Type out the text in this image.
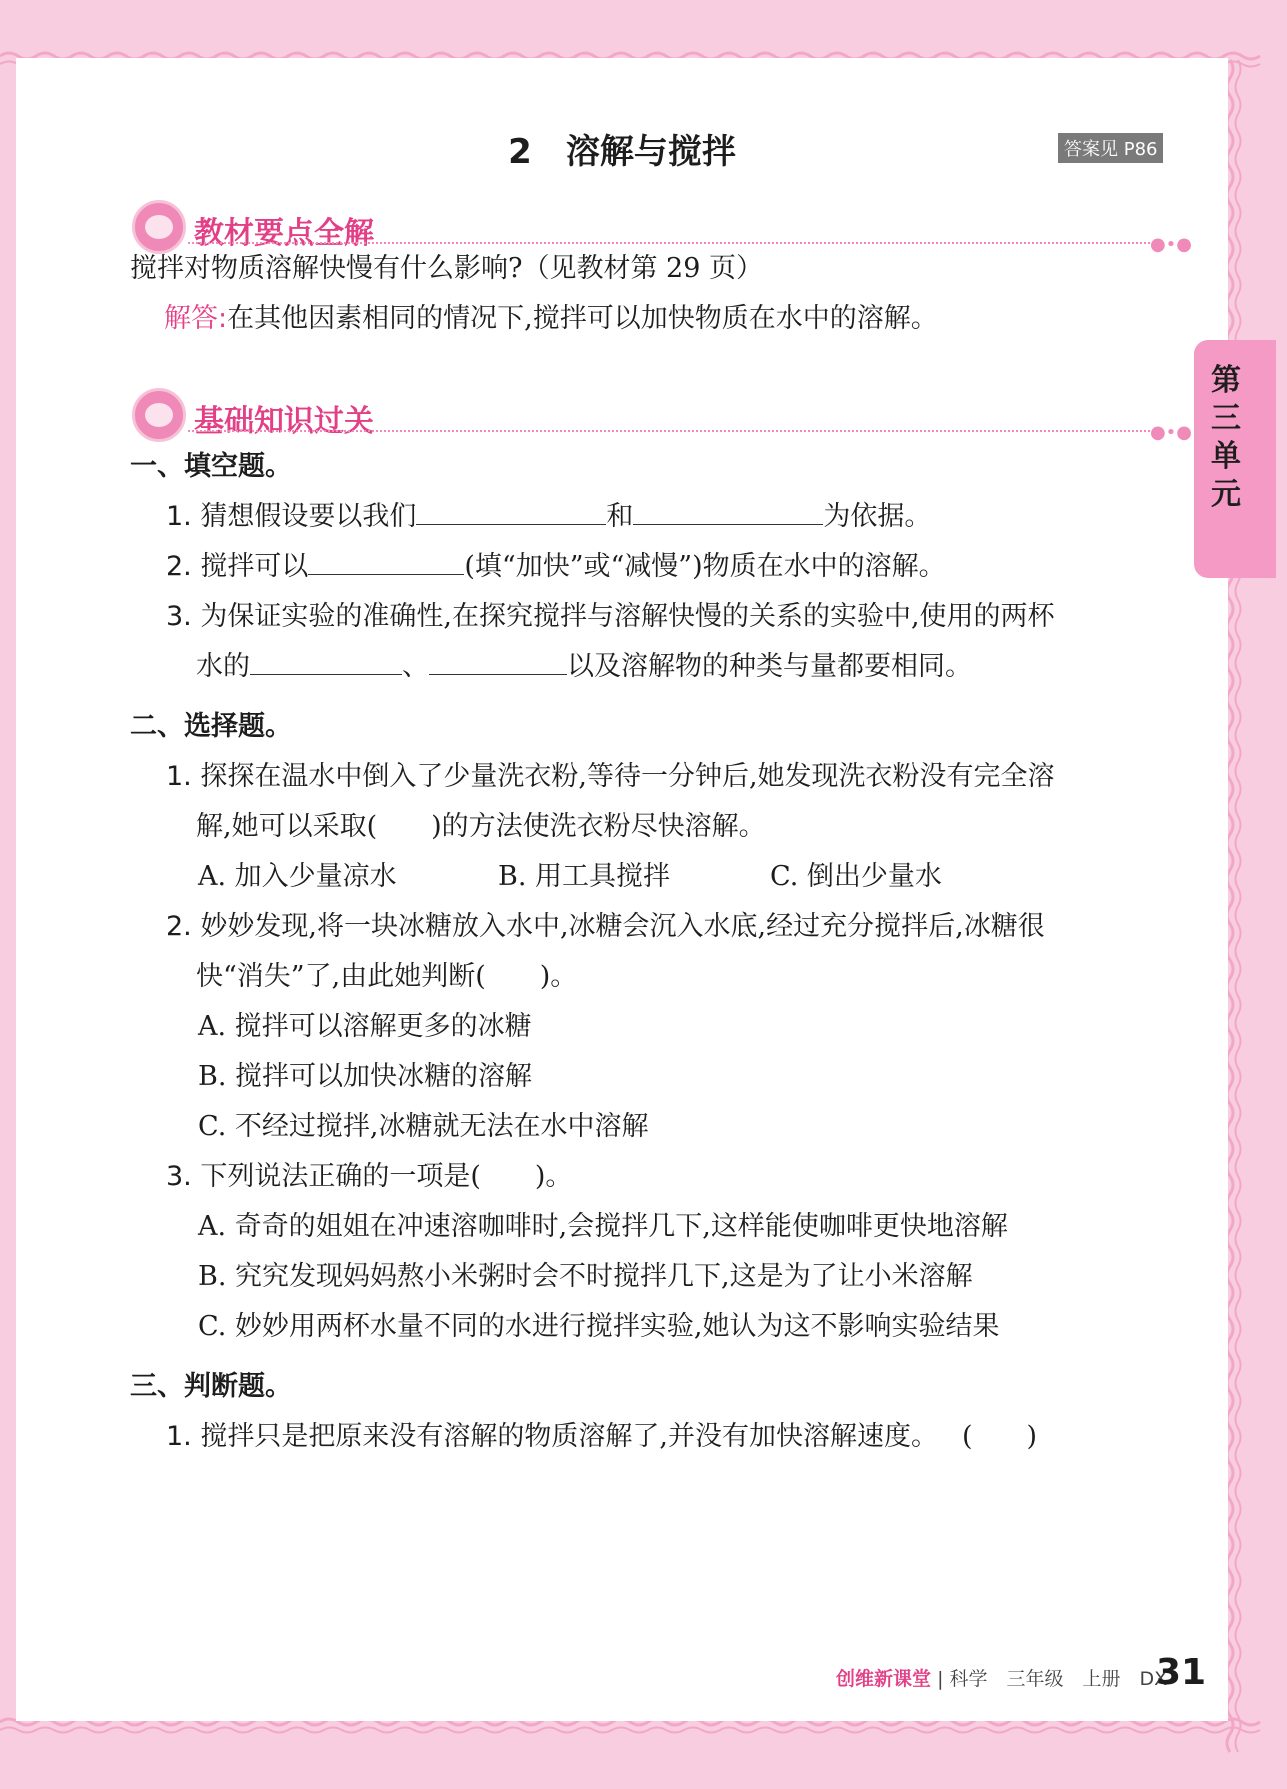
2　溶解与搅拌	答案见 P86
教材要点全解	●•●
搅拌对物质溶解快慢有什么影响?（见教材第 29 页）
解答:在其他因素相同的情况下,搅拌可以加快物质在水中的溶解。
基础知识过关	●•●
一、填空题。
1. 猜想假设要以我们	和	为依据。
2. 搅拌可以	(填“加快”或“减慢”)物质在水中的溶解。
3. 为保证实验的准确性,在探究搅拌与溶解快慢的关系的实验中,使用的两杯
水的	、	以及溶解物的种类与量都要相同。
二、选择题。
1. 探探在温水中倒入了少量洗衣粉,等待一分钟后,她发现洗衣粉没有完全溶
解,她可以采取(　　)的方法使洗衣粉尽快溶解。
A. 加入少量凉水	B. 用工具搅拌	C. 倒出少量水
2. 妙妙发现,将一块冰糖放入水中,冰糖会沉入水底,经过充分搅拌后,冰糖很
快“消失”了,由此她判断(　　)。
A. 搅拌可以溶解更多的冰糖
B. 搅拌可以加快冰糖的溶解
C. 不经过搅拌,冰糖就无法在水中溶解
3. 下列说法正确的一项是(　　)。
A. 奇奇的姐姐在冲速溶咖啡时,会搅拌几下,这样能使咖啡更快地溶解
B. 究究发现妈妈熬小米粥时会不时搅拌几下,这是为了让小米溶解
C. 妙妙用两杯水量不同的水进行搅拌实验,她认为这不影响实验结果
三、判断题。
1. 搅拌只是把原来没有溶解的物质溶解了,并没有加快溶解速度。 (　　)
创维新课堂 | 科学　三年级　上册　DX
31
第三单元
